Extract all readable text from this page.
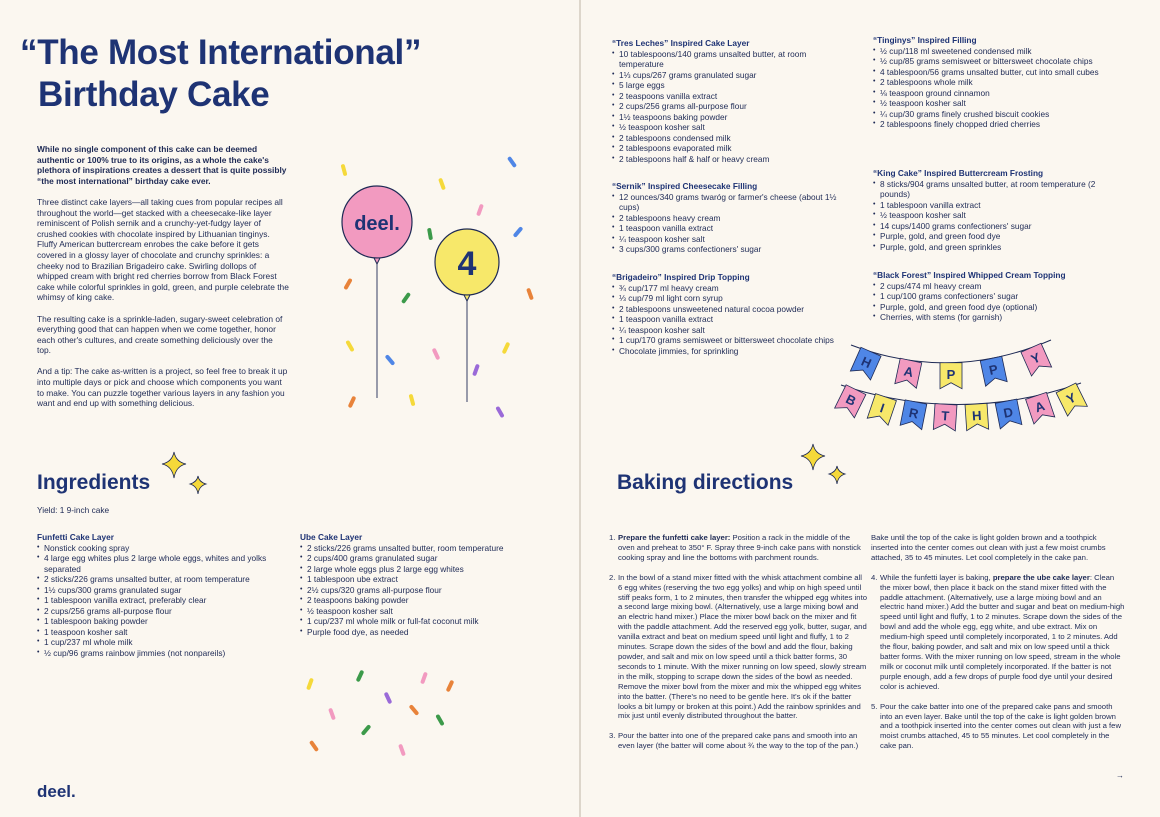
“The Most International”
Birthday Cake

While no single component of this cake can be deemed authentic or 100% true to its origins, as a whole the cake's plethora of inspirations creates a dessert that is quite possibly “the most international” birthday cake ever.

Three distinct cake layers—all taking cues from popular recipes all throughout the world—get stacked with a cheesecake-like layer reminiscent of Polish sernik and a crunchy-yet-fudgy layer of crushed cookies with chocolate inspired by Lithuanian tinginys. Fluffy American buttercream enrobes the cake before it gets covered in a glossy layer of chocolate and crunchy sprinkles: a cheeky nod to Brazilian Brigadeiro cake. Swirling dollops of whipped cream with bright red cherries borrow from Black Forest cake while colorful sprinkles in gold, green, and purple celebrate the whimsy of king cake.

The resulting cake is a sprinkle-laden, sugary-sweet celebration of everything good that can happen when we come together, honor each other's cultures, and create something deliciously over the top.

And a tip: The cake as-written is a project, so feel free to break it up into multiple days or pick and choose which components you want to make. You can puzzle together various layers in any fashion you want and end up with something delicious.

deel.
4
Ingredients
Yield: 1 9-inch cake
Funfetti Cake Layer
• Nonstick cooking spray
• 4 large egg whites plus 2 large whole eggs, whites and yolks separated
• 2 sticks/226 grams unsalted butter, at room temperature
• 1½ cups/300 grams granulated sugar
• 1 tablespoon vanilla extract, preferably clear
• 2 cups/256 grams all-purpose flour
• 1 tablespoon baking powder
• 1 teaspoon kosher salt
• 1 cup/237 ml whole milk
• ½ cup/96 grams rainbow jimmies (not nonpareils)
Ube Cake Layer
• 2 sticks/226 grams unsalted butter, room temperature
• 2 cups/400 grams granulated sugar
• 2 large whole eggs plus 2 large egg whites
• 1 tablespoon ube extract
• 2½ cups/320 grams all-purpose flour
• 2 teaspoons baking powder
• ½ teaspoon kosher salt
• 1 cup/237 ml whole milk or full-fat coconut milk
• Purple food dye, as needed
deel.
“Tres Leches” Inspired Cake Layer
• 10 tablespoons/140 grams unsalted butter, at room temperature
• 1⅓ cups/267 grams granulated sugar
• 5 large eggs
• 2 teaspoons vanilla extract
• 2 cups/256 grams all-purpose flour
• 1½ teaspoons baking powder
• ½ teaspoon kosher salt
• 2 tablespoons condensed milk
• 2 tablespoons evaporated milk
• 2 tablespoons half & half or heavy cream
“Sernik” Inspired Cheesecake Filling
• 12 ounces/340 grams twaróg or farmer's cheese (about 1½ cups)
• 2 tablespoons heavy cream
• 1 teaspoon vanilla extract
• ¼ teaspoon kosher salt
• 3 cups/300 grams confectioners' sugar
“Brigadeiro” Inspired Drip Topping
• ¾ cup/177 ml heavy cream
• ⅓ cup/79 ml light corn syrup
• 2 tablespoons unsweetened natural cocoa powder
• 1 teaspoon vanilla extract
• ¼ teaspoon kosher salt
• 1 cup/170 grams semisweet or bittersweet chocolate chips
• Chocolate jimmies, for sprinkling
“Tinginys” Inspired Filling
• ½ cup/118 ml sweetened condensed milk
• ½ cup/85 grams semisweet or bittersweet chocolate chips
• 4 tablespoon/56 grams unsalted butter, cut into small cubes
• 2 tablespoons whole milk
• ⅛ teaspoon ground cinnamon
• ½ teaspoon kosher salt
• ¼ cup/30 grams finely crushed biscuit cookies
• 2 tablespoons finely chopped dried cherries
“King Cake” Inspired Buttercream Frosting
• 8 sticks/904 grams unsalted butter, at room temperature (2 pounds)
• 1 tablespoon vanilla extract
• ½ teaspoon kosher salt
• 14 cups/1400 grams confectioners' sugar
• Purple, gold, and green food dye
• Purple, gold, and green sprinkles
“Black Forest” Inspired Whipped Cream Topping
• 2 cups/474 ml heavy cream
• 1 cup/100 grams confectioners' sugar
• Purple, gold, and green food dye (optional)
• Cherries, with stems (for garnish)
H
A P P
Y
B I R T H D A Y
Baking directions
1. Prepare the funfetti cake layer: Position a rack in the middle of the oven and preheat to 350° F. Spray three 9-inch cake pans with nonstick cooking spray and line the bottoms with parchment rounds.
2. In the bowl of a stand mixer fitted with the whisk attachment combine all 6 egg whites (reserving the two egg yolks) and whip on high speed until stiff peaks form, 1 to 2 minutes, then transfer the whipped egg whites into a second large mixing bowl. (Alternatively, use a large mixing bowl and an electric hand mixer.) Place the mixer bowl back on the mixer and fit with the paddle attachment. Add the reserved egg yolk, butter, sugar, and vanilla extract and beat on medium speed until light and fluffy, 1 to 2 minutes. Scrape down the sides of the bowl and add the flour, baking powder, and salt and mix on low speed until a thick batter forms, 30 seconds to 1 minute. With the mixer running on low speed, slowly stream in the milk, stopping to scrape down the sides of the bowl as needed. Remove the mixer bowl from the mixer and mix the whipped egg whites into the batter. (There's no need to be gentle here. It's ok if the batter looks a bit lumpy or broken at this point.) Add the rainbow sprinkles and mix just until evenly distributed throughout the batter.
3. Pour the batter into one of the prepared cake pans and smooth into an even layer (the batter will come about ¾ the way to the top of the pan.)
Bake until the top of the cake is light golden brown and a toothpick inserted into the center comes out clean with just a few moist crumbs attached, 35 to 45 minutes. Let cool completely in the cake pan.
4. While the funfetti layer is baking, prepare the ube cake layer: Clean the mixer bowl, then place it back on the stand mixer fitted with the paddle attachment. (Alternatively, use a large mixing bowl and an electric hand mixer.) Add the butter and sugar and beat on medium-high speed until light and fluffy, 1 to 2 minutes. Scrape down the sides of the bowl and add the whole egg, egg white, and ube extract. Mix on medium-high speed until completely incorporated, 1 to 2 minutes. Add the flour, baking powder, and salt and mix on low speed until a thick batter forms. With the mixer running on low speed, stream in the whole milk or coconut milk until completely incorporated. If the batter is not purple enough, add a few drops of purple food dye until your desired color is achieved.
5. Pour the cake batter into one of the prepared cake pans and smooth into an even layer. Bake until the top of the cake is light golden brown and a toothpick inserted into the center comes out clean with just a few moist crumbs attached, 45 to 55 minutes. Let cool completely in the cake pan.
→
